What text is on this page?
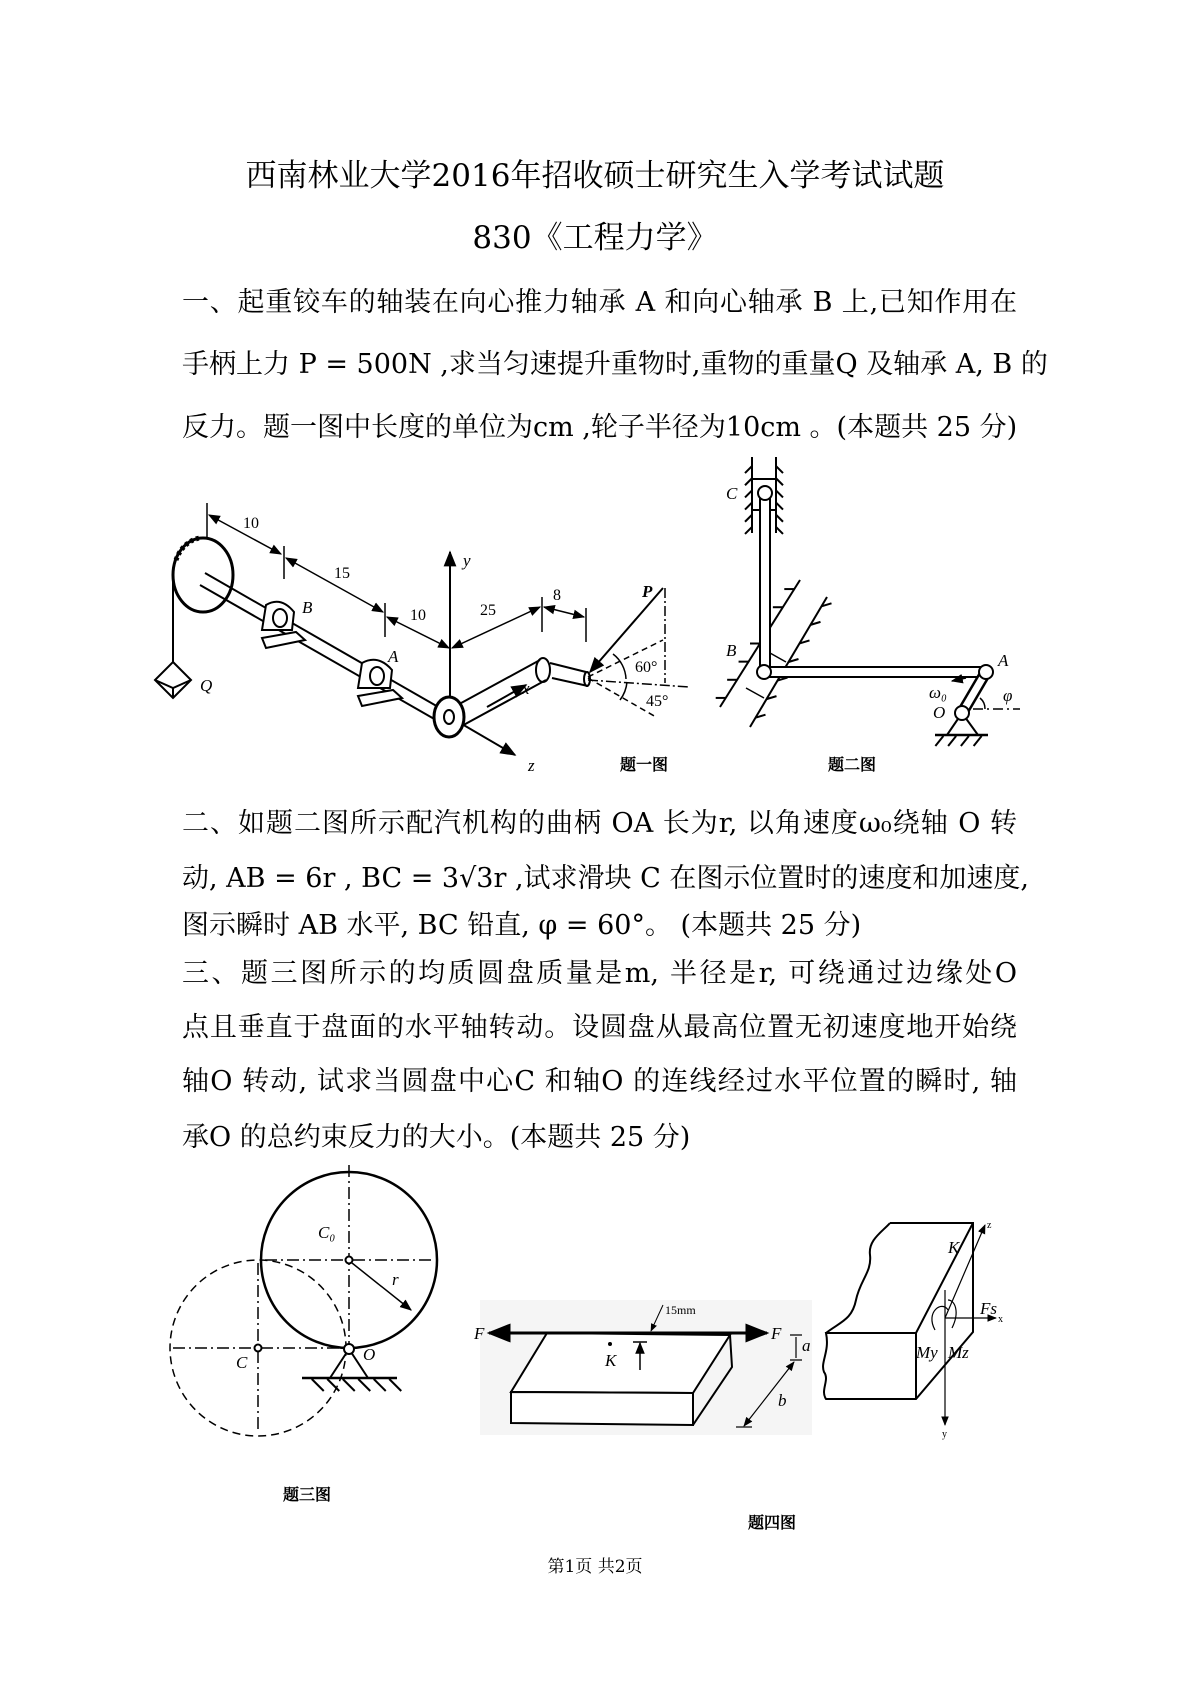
西南林业大学2016年招收硕士研究生入学考试试题
830《工程力学》
一、起重铰车的轴装在向心推力轴承 A 和向心轴承 B 上,已知作用在
手柄上力 P = 500N ,求当匀速提升重物时,重物的重量Q 及轴承 A, B 的
反力。题一图中长度的单位为cm ,轮子半径为10cm 。(本题共 25 分)
二、如题二图所示配汽机构的曲柄 OA 长为r, 以角速度ω₀绕轴 O 转
动, AB = 6r , BC = 3√3r ,试求滑块 C 在图示位置时的速度和加速度,
图示瞬时 AB 水平, BC 铅直, φ = 60°。 (本题共 25 分)
三、题三图所示的均质圆盘质量是m, 半径是r, 可绕通过边缘处O
点且垂直于盘面的水平轴转动。设圆盘从最高位置无初速度地开始绕
轴O 转动, 试求当圆盘中心C 和轴O 的连线经过水平位置的瞬时, 轴
承O 的总约束反力的大小。(本题共 25 分)
10
15
10	25
8
B
A
Q
P
x
y
z
60°
45°
题一图
C
B
A
O
ω₀	φ
题二图
C₀
C	O
r
题三图
F	F
15mm
K
a
b
K
Fs
x
y
z
My Mz
题四图
第1页 共2页
